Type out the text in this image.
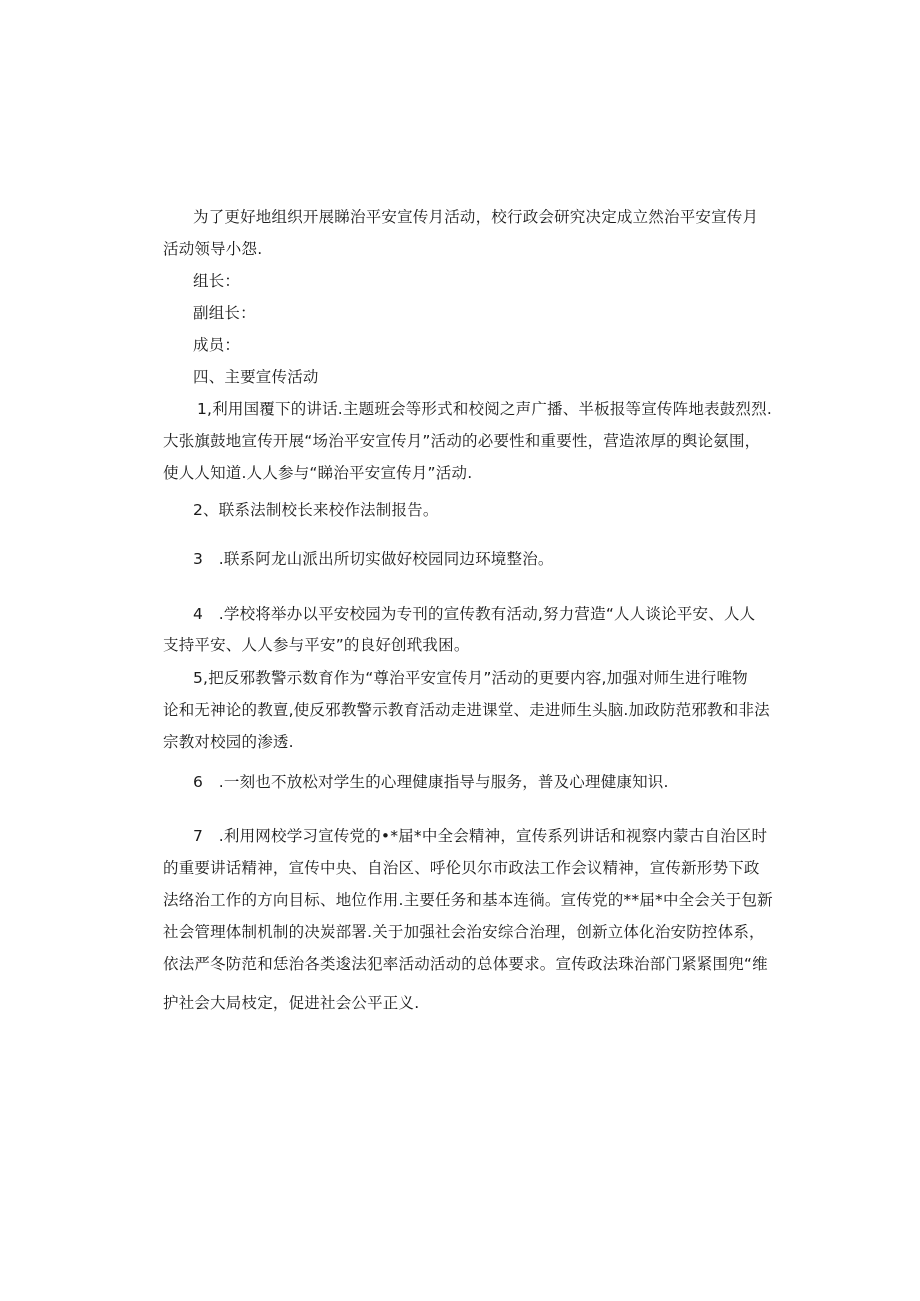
为了更好地组织开展睇治平安宣传月活动，校行政会研究决定成立然治平安宣传月
活动领导小怨.
组长：
副组长：
成员：
四、主要宣传活动
1,利用国覆下的讲话.主题班会等形式和校阅之声广播、半板报等宣传阵地表鼓烈烈.
大张旗鼓地宣传开展“场治平安宣传月”活动的必要性和重要性，营造浓厚的舆论氨围，
使人人知道.人人参与“睇治平安宣传月”活动.
2、联系法制校长来校作法制报告。
3　.联系阿龙山派出所切实做好校园同边环境整治。
4　.学校将举办以平安校园为专刊的宣传教有活动,努力营造“人人谈论平安、人人
支持平安、人人参与平安”的良好创玳我困。
5,把反邪教警示数育作为“尊治平安宣传月”活动的更要内容,加强对师生进行唯物
论和无神论的教亶,使反邪教警示教育活动走进课堂、走进师生头脑.加政防范邪教和非法
宗教对校园的渗透.
6　.一刻也不放松对学生的心理健康指导与服务，普及心理健康知识.
7　.利用网校学习宣传党的•*届*中全会精神，宣传系列讲话和视察内蒙古自治区时
的重要讲话精神，宣传中央、自治区、呼伦贝尔市政法工作会议精神，宣传新形势下政
法络治工作的方向目标、地位作用.主要任务和基本连徜。宣传党的**届*中全会关于包新
社会管理体制机制的决炭部署.关于加强社会治安综合治理，创新立体化治安防控体系，
依法严冬防范和恁治各类逡法犯率活动活动的总体要求。宣传政法珠治部门紧紧围兜“维
护社会大局枝定，促进社会公平正义.
